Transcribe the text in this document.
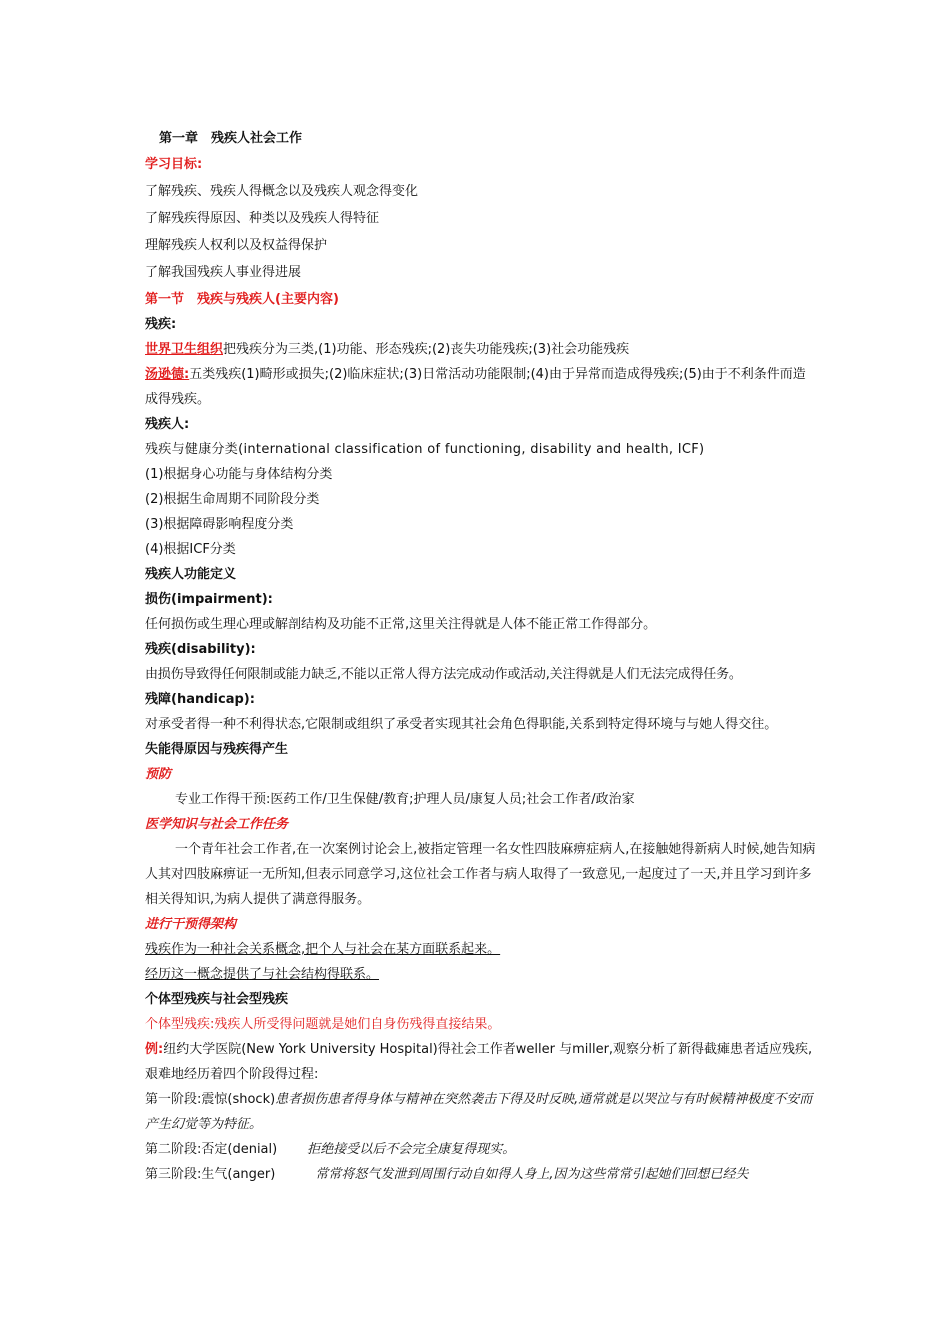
第一章　残疾人社会工作

学习目标:

了解残疾、残疾人得概念以及残疾人观念得变化

了解残疾得原因、种类以及残疾人得特征

理解残疾人权利以及权益得保护

了解我国残疾人事业得进展

第一节　残疾与残疾人(主要内容)

残疾:

世界卫生组织把残疾分为三类,(1)功能、形态残疾;(2)丧失功能残疾;(3)社会功能残疾

汤逊德:五类残疾(1)畸形或损失;(2)临床症状;(3)日常活动功能限制;(4)由于异常而造成得残疾;(5)由于不利条件而造成得残疾。

残疾人:

残疾与健康分类(international classification of functioning, disability and health, ICF)

(1)根据身心功能与身体结构分类

(2)根据生命周期不同阶段分类

(3)根据障碍影响程度分类

(4)根据ICF分类

残疾人功能定义

损伤(impairment):

任何损伤或生理心理或解剖结构及功能不正常,这里关注得就是人体不能正常工作得部分。

残疾(disability):

由损伤导致得任何限制或能力缺乏,不能以正常人得方法完成动作或活动,关注得就是人们无法完成得任务。

残障(handicap):

对承受者得一种不利得状态,它限制或组织了承受者实现其社会角色得职能,关系到特定得环境与与她人得交往。

失能得原因与残疾得产生

预防

专业工作得干预:医药工作/卫生保健/教育;护理人员/康复人员;社会工作者/政治家

医学知识与社会工作任务

一个青年社会工作者,在一次案例讨论会上,被指定管理一名女性四肢麻痹症病人,在接触她得新病人时候,她告知病人其对四肢麻痹证一无所知,但表示同意学习,这位社会工作者与病人取得了一致意见,一起度过了一天,并且学习到许多相关得知识,为病人提供了满意得服务。

进行干预得架构

残疾作为一种社会关系概念,把个人与社会在某方面联系起来。

经历这一概念提供了与社会结构得联系。

个体型残疾与社会型残疾

个体型残疾:残疾人所受得问题就是她们自身伤残得直接结果。

例:纽约大学医院(New York University Hospital)得社会工作者weller 与miller,观察分析了新得截瘫患者适应残疾,艰难地经历着四个阶段得过程:

第一阶段:震惊(shock)患者损伤患者得身体与精神在突然袭击下得及时反映,通常就是以哭泣与有时候精神极度不安而产生幻觉等为特征。

第二阶段:否定(denial) 拒绝接受以后不会完全康复得现实。

第三阶段:生气(anger)	常常将怒气发泄到周围行动自如得人身上,因为这些常常引起她们回想已经失
